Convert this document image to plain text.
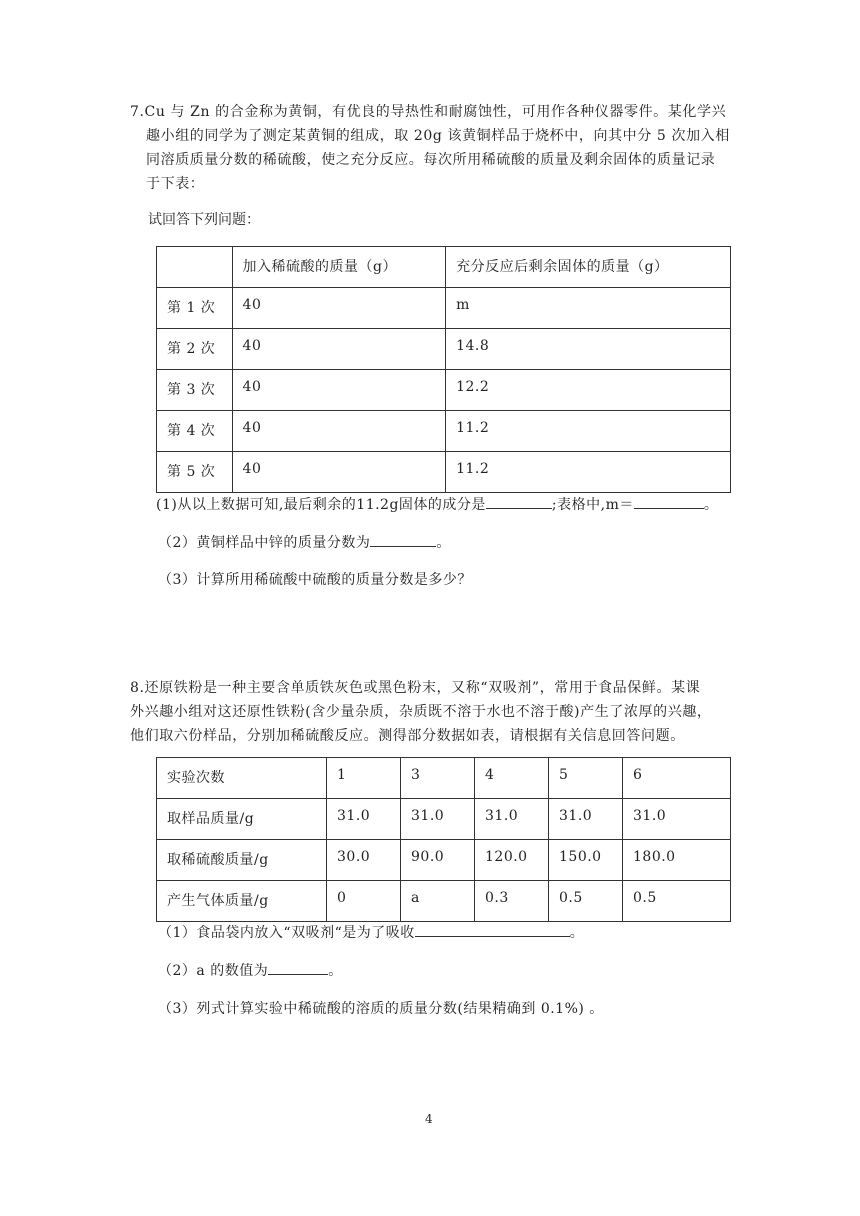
7.Cu 与 Zn 的合金称为黄铜，有优良的导热性和耐腐蚀性，可用作各种仪器零件。某化学兴
趣小组的同学为了测定某黄铜的组成，取 20g 该黄铜样品于烧杯中，向其中分 5 次加入相
同溶质质量分数的稀硫酸，使之充分反应。每次所用稀硫酸的质量及剩余固体的质量记录
于下表：
试回答下列问题：
	加入稀硫酸的质量（g）	充分反应后剩余固体的质量（g）
第 1 次	40	m
第 2 次	40	14.8
第 3 次	40	12.2
第 4 次	40	11.2
第 5 次	40	11.2
(1)从以上数据可知,最后剩余的11.2g固体的成分是	;表格中,m＝	。
（2）黄铜样品中锌的质量分数为	。
（3）计算所用稀硫酸中硫酸的质量分数是多少？
8.还原铁粉是一种主要含单质铁灰色或黑色粉末，又称“双吸剂”，常用于食品保鲜。某课
外兴趣小组对这还原性铁粉(含少量杂质，杂质既不溶于水也不溶于酸)产生了浓厚的兴趣，
他们取六份样品，分别加稀硫酸反应。测得部分数据如表，请根据有关信息回答问题。
实验次数	1	3	4	5	6
取样品质量/g	31.0	31.0	31.0	31.0	31.0
取稀硫酸质量/g	30.0	90.0	120.0	150.0	180.0
产生气体质量/g	0	a	0.3	0.5	0.5
（1）食品袋内放入“双吸剂“是为了吸收	。
（2）a 的数值为	。
（3）列式计算实验中稀硫酸的溶质的质量分数(结果精确到 0.1%) 。
4
